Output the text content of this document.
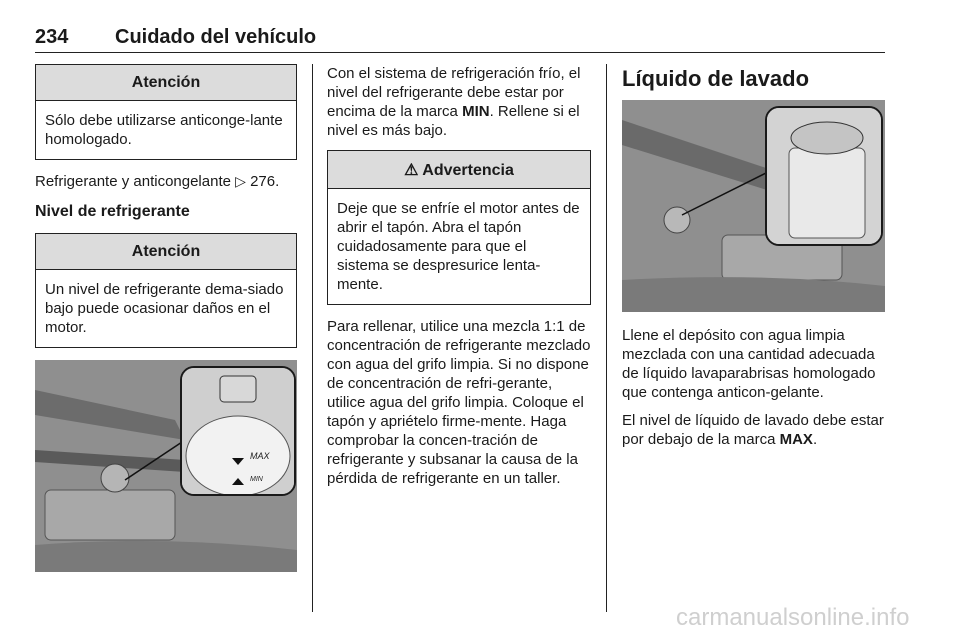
234 Cuidado del vehículo
Atención
Sólo debe utilizarse anticonge-lante homologado.

Refrigerante y anticongelante ▷ 276.

Nivel de refrigerante
Atención
Un nivel de refrigerante dema-siado bajo puede ocasionar daños en el motor.
MAX
MIN

Con el sistema de refrigeración frío, el nivel del refrigerante debe estar por encima de la marca MIN. Rellene si el nivel es más bajo.

⚠ Advertencia
Deje que se enfríe el motor antes de abrir el tapón. Abra el tapón cuidadosamente para que el sistema se despresurice lenta-mente.

Para rellenar, utilice una mezcla 1:1 de concentración de refrigerante mezclado con agua del grifo limpia. Si no dispone de concentración de refri-gerante, utilice agua del grifo limpia. Coloque el tapón y apriételo firme-mente. Haga comprobar la concen-tración de refrigerante y subsanar la causa de la pérdida de refrigerante en un taller.

Líquido de lavado

Llene el depósito con agua limpia mezclada con una cantidad adecuada de líquido lavaparabrisas homologado que contenga anticon-gelante.

El nivel de líquido de lavado debe estar por debajo de la marca MAX.

carmanualsonline.info
